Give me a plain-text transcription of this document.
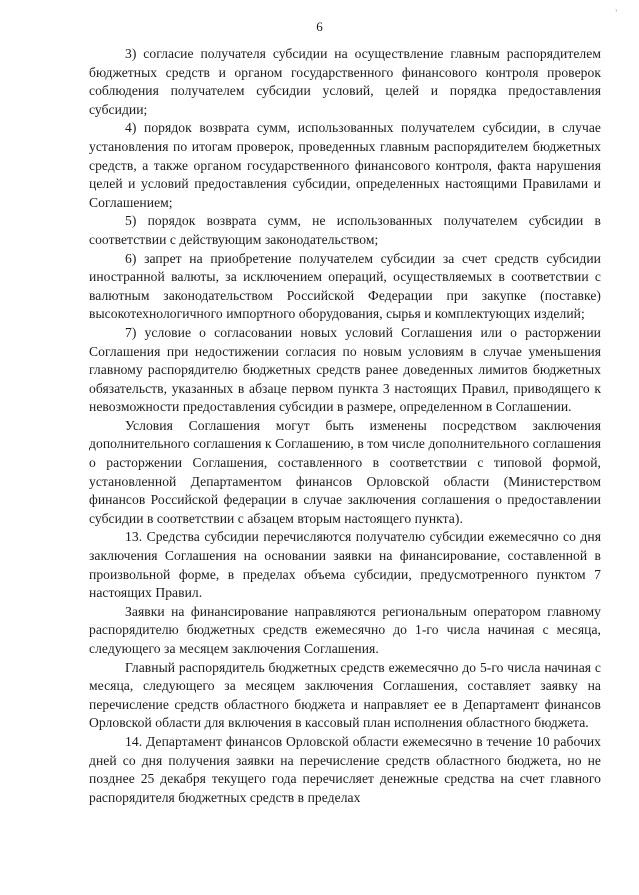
6
'

3) согласие получателя субсидии на осуществление главным распорядителем бюджетных средств и органом государственного финансового контроля проверок соблюдения получателем субсидии условий, целей и порядка предоставления субсидии;

4) порядок возврата сумм, использованных получателем субсидии, в случае установления по итогам проверок, проведенных главным распорядителем бюджетных средств, а также органом государственного финансового контроля, факта нарушения целей и условий предоставления субсидии, определенных настоящими Правилами и Соглашением;

5) порядок возврата сумм, не использованных получателем субсидии в соответствии с действующим законодательством;

6) запрет на приобретение получателем субсидии за счет средств субсидии иностранной валюты, за исключением операций, осуществляемых в соответствии с валютным законодательством Российской Федерации при закупке (поставке) высокотехнологичного импортного оборудования, сырья и комплектующих изделий;

7) условие о согласовании новых условий Соглашения или о расторжении Соглашения при недостижении согласия по новым условиям в случае уменьшения главному распорядителю бюджетных средств ранее доведенных лимитов бюджетных обязательств, указанных в абзаце первом пункта 3 настоящих Правил, приводящего к невозможности предоставления субсидии в размере, определенном в Соглашении.

Условия Соглашения могут быть изменены посредством заключения дополнительного соглашения к Соглашению, в том числе дополнительного соглашения о расторжении Соглашения, составленного в соответствии с типовой формой, установленной Департаментом финансов Орловской области (Министерством финансов Российской федерации в случае заключения соглашения о предоставлении субсидии в соответствии с абзацем вторым настоящего пункта).

13. Средства субсидии перечисляются получателю субсидии ежемесячно со дня заключения Соглашения на основании заявки на финансирование, составленной в произвольной форме, в пределах объема субсидии, предусмотренного пунктом 7 настоящих Правил.

Заявки на финансирование направляются региональным оператором главному распорядителю бюджетных средств ежемесячно до 1-го числа начиная с месяца, следующего за месяцем заключения Соглашения.

Главный распорядитель бюджетных средств ежемесячно до 5-го числа начиная с месяца, следующего за месяцем заключения Соглашения, составляет заявку на перечисление средств областного бюджета и направляет ее в Департамент финансов Орловской области для включения в кассовый план исполнения областного бюджета.

14. Департамент финансов Орловской области ежемесячно в течение 10 рабочих дней со дня получения заявки на перечисление средств областного бюджета, но не позднее 25 декабря текущего года перечисляет денежные средства на счет главного распорядителя бюджетных средств в пределах
